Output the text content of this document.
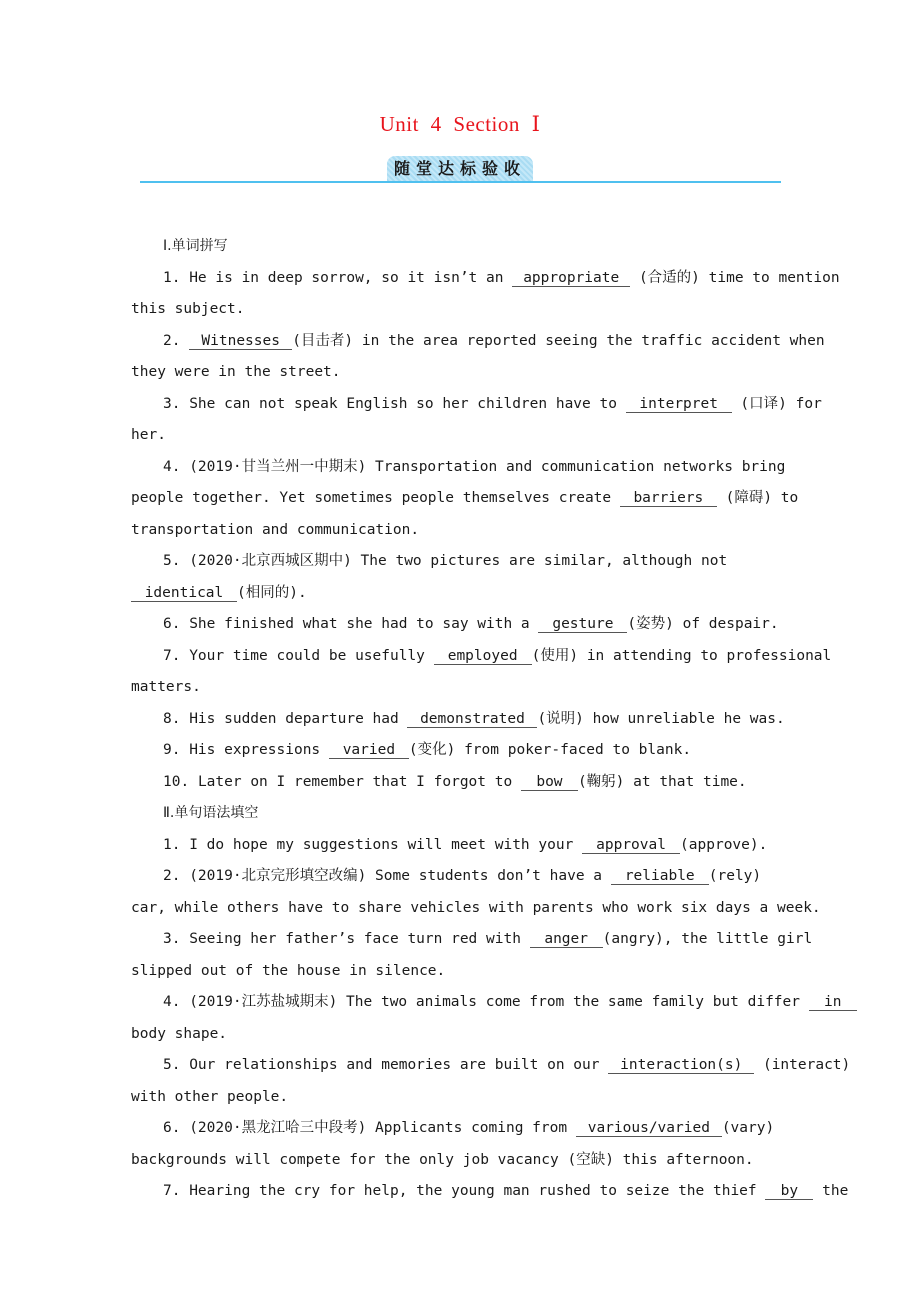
Unit 4 Section Ⅰ
随堂达标验收
Ⅰ.单词拼写
1. He is in deep sorrow, so it isn’t an appropriate (合适的) time to mention
this subject.
2. Witnesses (目击者) in the area reported seeing the traffic accident when
they were in the street.
3. She can not speak English so her children have to interpret (口译) for
her.
4. (2019·甘当兰州一中期末) Transportation and communication networks bring
people together. Yet sometimes people themselves create barriers (障碍) to
transportation and communication.
5. (2020·北京西城区期中) The two pictures are similar, although not
identical (相同的).
6. She finished what she had to say with a gesture (姿势) of despair.
7. Your time could be usefully employed (使用) in attending to professional
matters.
8. His sudden departure had demonstrated (说明) how unreliable he was.
9. His expressions varied (变化) from poker-faced to blank.
10. Later on I remember that I forgot to bow (鞠躬) at that time.
Ⅱ.单句语法填空
1. I do hope my suggestions will meet with your approval (approve).
2. (2019·北京完形填空改编) Some students don’t have a reliable (rely)
car, while others have to share vehicles with parents who work six days a week.
3. Seeing her father’s face turn red with anger (angry), the little girl
slipped out of the house in silence.
4. (2019·江苏盐城期末) The two animals come from the same family but differ in
body shape.
5. Our relationships and memories are built on our interaction(s) (interact)
with other people.
6. (2020·黑龙江哈三中段考) Applicants coming from various/varied (vary)
backgrounds will compete for the only job vacancy (空缺) this afternoon.
7. Hearing the cry for help, the young man rushed to seize the thief by the
